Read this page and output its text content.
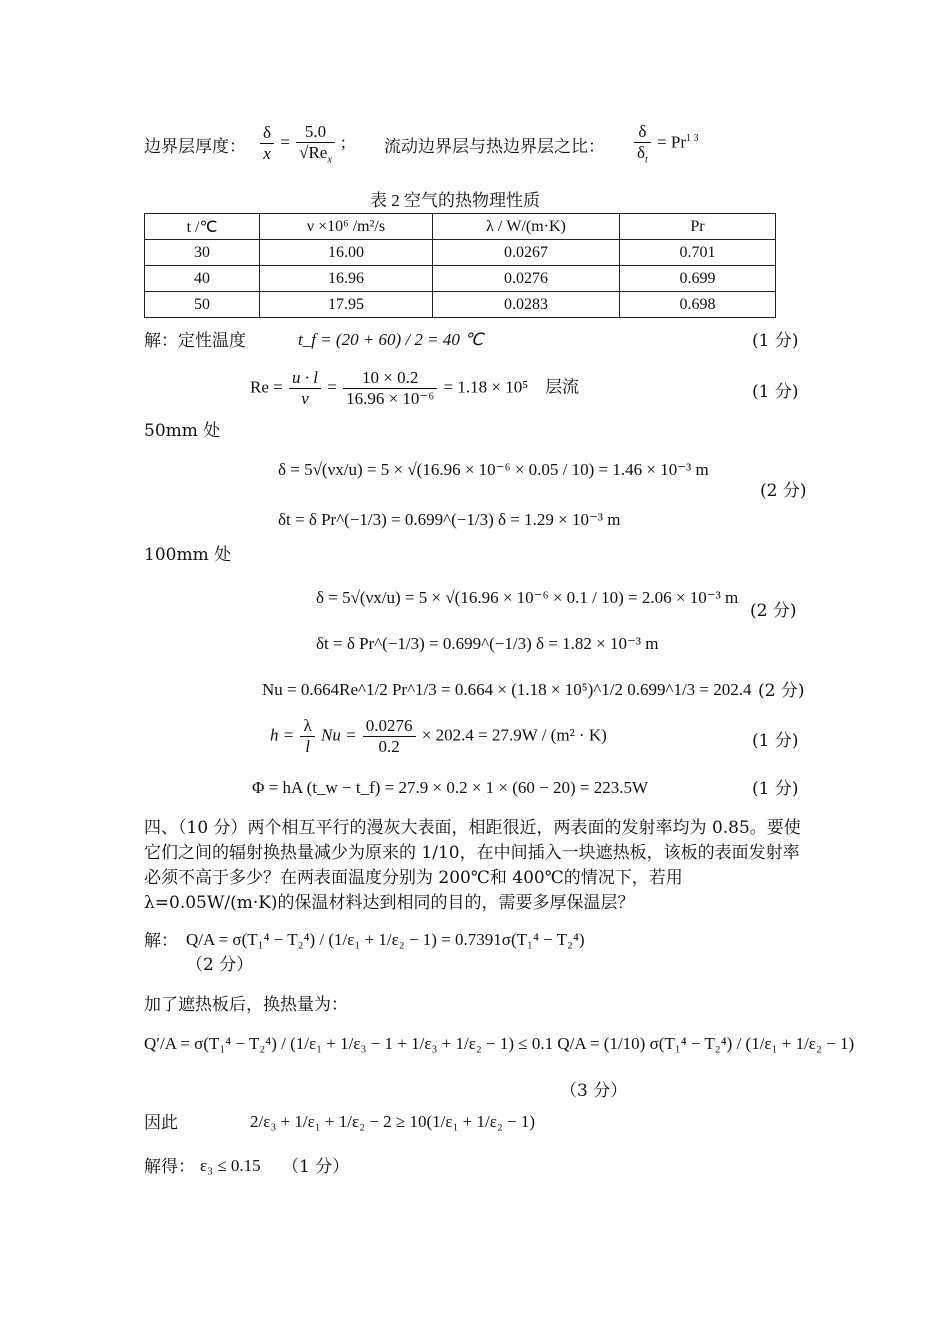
边界层厚度： $\frac{\delta}{x} = \frac{5.0}{√Re_x}$ ; 流动边界层与热边界层之比： $\frac{\delta}{\delta_t} = Pr^{1 3}$
表 2 空气的热物理性质
t /℃	ν ×10⁶ /m²/s	λ / W/(m·K)	Pr
30	16.00	0.0267	0.701
40	16.96	0.0276	0.699
50	17.95	0.0283	0.698
解：定性温度	t_f = (20 + 60) / 2 = 40 ℃	(1 分)
$Re = \frac{u \cdot l}{\nu} = \frac{10 \times 0.2}{\text{16.96 × 10⁻⁶}} = 1.18 \times 10^5$ 层流	(1 分)
50mm 处
δ = 5√(νx/u) = 5 × √(16.96 × 10⁻⁶ × 0.05 / 10) = 1.46 × 10⁻³ m
δt = δ Pr^(−1/3) = 0.699^(−1/3) δ = 1.29 × 10⁻³ m
(2 分)
100mm 处
δ = 5√(νx/u) = 5 × √(16.96 × 10⁻⁶ × 0.1 / 10) = 2.06 × 10⁻³ m
δt = δ Pr^(−1/3) = 0.699^(−1/3) δ = 1.82 × 10⁻³ m
(2 分)
Nu = 0.664Re^1/2 Pr^1/3 = 0.664 × (1.18 × 10⁵)^1/2 0.699^1/3 = 202.4 (2 分)
$h = \frac{\lambda}{l}$ $Nu = \frac{0.0276}{0.2} \times 202.4 = 27.9W / (m^2 \cdot K)$	(1 分)
Φ = hA (t_w − t_f) = 27.9 × 0.2 × 1 × (60 − 20) = 223.5W	(1 分)
四、（10 分）两个相互平行的漫灰大表面，相距很近，两表面的发射率均为 0.85。要使它们之间的辐射换热量减少为原来的 1/10，在中间插入一块遮热板，该板的表面发射率必须不高于多少？在两表面温度分别为 200℃和 400℃的情况下，若用 λ=0.05W/(m·K)的保温材料达到相同的目的，需要多厚保温层？
解： Q/A = σ(T₁⁴ − T₂⁴) / (1/ε₁ + 1/ε₂ − 1) = 0.7391σ(T₁⁴ − T₂⁴)
（2 分）
加了遮热板后，换热量为：
Q′/A = σ(T₁⁴ − T₂⁴) / (1/ε₁ + 1/ε₃ − 1 + 1/ε₃ + 1/ε₂ − 1) ≤ 0.1 Q/A = (1/10) σ(T₁⁴ − T₂⁴) / (1/ε₁ + 1/ε₂ − 1)
（3 分）
因此	2/ε₃ + 1/ε₁ + 1/ε₂ − 2 ≥ 10(1/ε₁ + 1/ε₂ − 1)
解得： ε₃ ≤ 0.15 （1 分）
